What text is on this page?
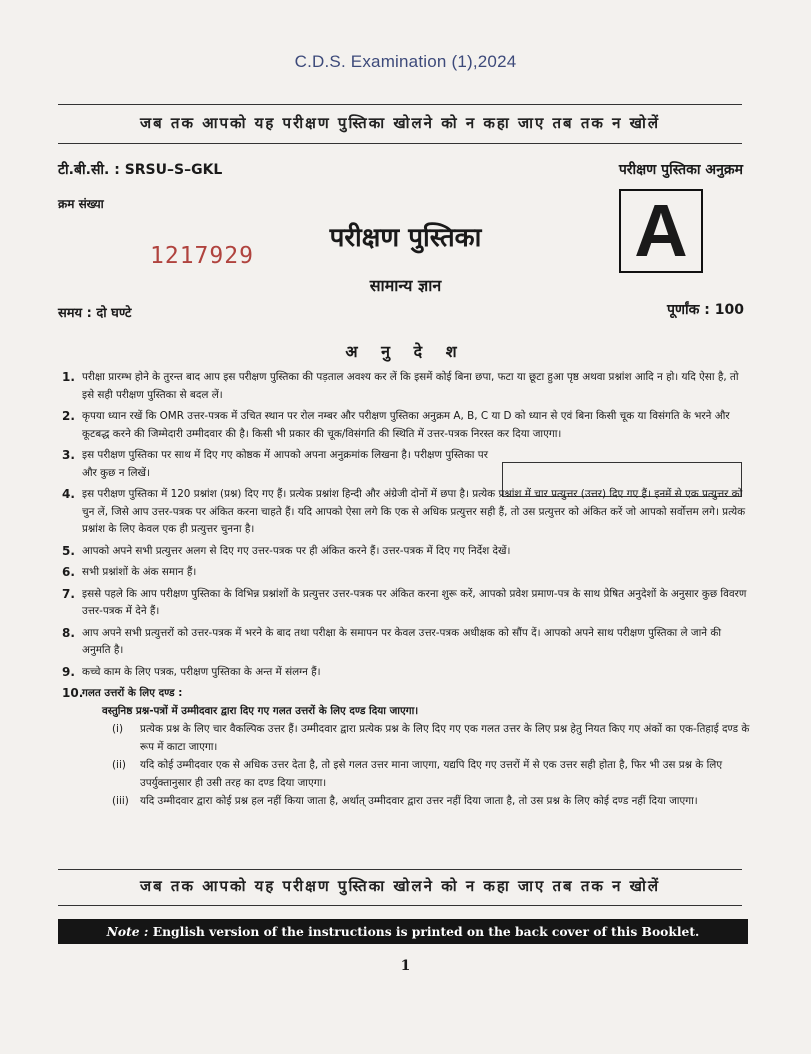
C.D.S. Examination (1),2024
जब तक आपको यह परीक्षण पुस्तिका खोलने को न कहा जाए तब तक न खोलें
टी.बी.सी. : SRSU–S–GKL	परीक्षण पुस्तिका अनुक्रम
क्रम संख्या
1217929
परीक्षण पुस्तिका
सामान्य ज्ञान
A
समय : दो घण्टे	पूर्णांक : 100
अ नु दे श
1. परीक्षा प्रारम्भ होने के तुरन्त बाद आप इस परीक्षण पुस्तिका की पड़ताल अवश्य कर लें कि इसमें कोई बिना छपा, फटा या छूटा हुआ पृष्ठ अथवा प्रश्नांश आदि न हो। यदि ऐसा है, तो इसे सही परीक्षण पुस्तिका से बदल लें।
2. कृपया ध्यान रखें कि OMR उत्तर-पत्रक में उचित स्थान पर रोल नम्बर और परीक्षण पुस्तिका अनुक्रम A, B, C या D को ध्यान से एवं बिना किसी चूक या विसंगति के भरने और कूटबद्ध करने की जिम्मेदारी उम्मीदवार की है। किसी भी प्रकार की चूक/विसंगति की स्थिति में उत्तर-पत्रक निरस्त कर दिया जाएगा।
3. इस परीक्षण पुस्तिका पर साथ में दिए गए कोष्ठक में आपको अपना अनुक्रमांक लिखना है। परीक्षण पुस्तिका पर और कुछ न लिखें।
4. इस परीक्षण पुस्तिका में 120 प्रश्नांश (प्रश्न) दिए गए हैं। प्रत्येक प्रश्नांश हिन्दी और अंग्रेजी दोनों में छपा है। प्रत्येक प्रश्नांश में चार प्रत्युत्तर (उत्तर) दिए गए हैं। इनमें से एक प्रत्युत्तर को चुन लें, जिसे आप उत्तर-पत्रक पर अंकित करना चाहते हैं। यदि आपको ऐसा लगे कि एक से अधिक प्रत्युत्तर सही हैं, तो उस प्रत्युत्तर को अंकित करें जो आपको सर्वोत्तम लगे। प्रत्येक प्रश्नांश के लिए केवल एक ही प्रत्युत्तर चुनना है।
5. आपको अपने सभी प्रत्युत्तर अलग से दिए गए उत्तर-पत्रक पर ही अंकित करने हैं। उत्तर-पत्रक में दिए गए निर्देश देखें।
6. सभी प्रश्नांशों के अंक समान हैं।
7. इससे पहले कि आप परीक्षण पुस्तिका के विभिन्न प्रश्नांशों के प्रत्युत्तर उत्तर-पत्रक पर अंकित करना शुरू करें, आपको प्रवेश प्रमाण-पत्र के साथ प्रेषित अनुदेशों के अनुसार कुछ विवरण उत्तर-पत्रक में देने हैं।
8. आप अपने सभी प्रत्युत्तरों को उत्तर-पत्रक में भरने के बाद तथा परीक्षा के समापन पर केवल उत्तर-पत्रक अधीक्षक को सौंप दें। आपको अपने साथ परीक्षण पुस्तिका ले जाने की अनुमति है।
9. कच्चे काम के लिए पत्रक, परीक्षण पुस्तिका के अन्त में संलग्न हैं।
10.
गलत उत्तरों के लिए दण्ड :
वस्तुनिष्ठ प्रश्न-पत्रों में उम्मीदवार द्वारा दिए गए गलत उत्तरों के लिए दण्ड दिया जाएगा।
(i)	प्रत्येक प्रश्न के लिए चार वैकल्पिक उत्तर हैं। उम्मीदवार द्वारा प्रत्येक प्रश्न के लिए दिए गए एक गलत उत्तर के लिए प्रश्न हेतु नियत किए गए अंकों का एक-तिहाई दण्ड के रूप में काटा जाएगा।
(ii)	यदि कोई उम्मीदवार एक से अधिक उत्तर देता है, तो इसे गलत उत्तर माना जाएगा, यद्यपि दिए गए उत्तरों में से एक उत्तर सही होता है, फिर भी उस प्रश्न के लिए उपर्युक्तानुसार ही उसी तरह का दण्ड दिया जाएगा।
(iii)	यदि उम्मीदवार द्वारा कोई प्रश्न हल नहीं किया जाता है, अर्थात् उम्मीदवार द्वारा उत्तर नहीं दिया जाता है, तो उस प्रश्न के लिए कोई दण्ड नहीं दिया जाएगा।
जब तक आपको यह परीक्षण पुस्तिका खोलने को न कहा जाए तब तक न खोलें
Note : English version of the instructions is printed on the back cover of this Booklet.
1
